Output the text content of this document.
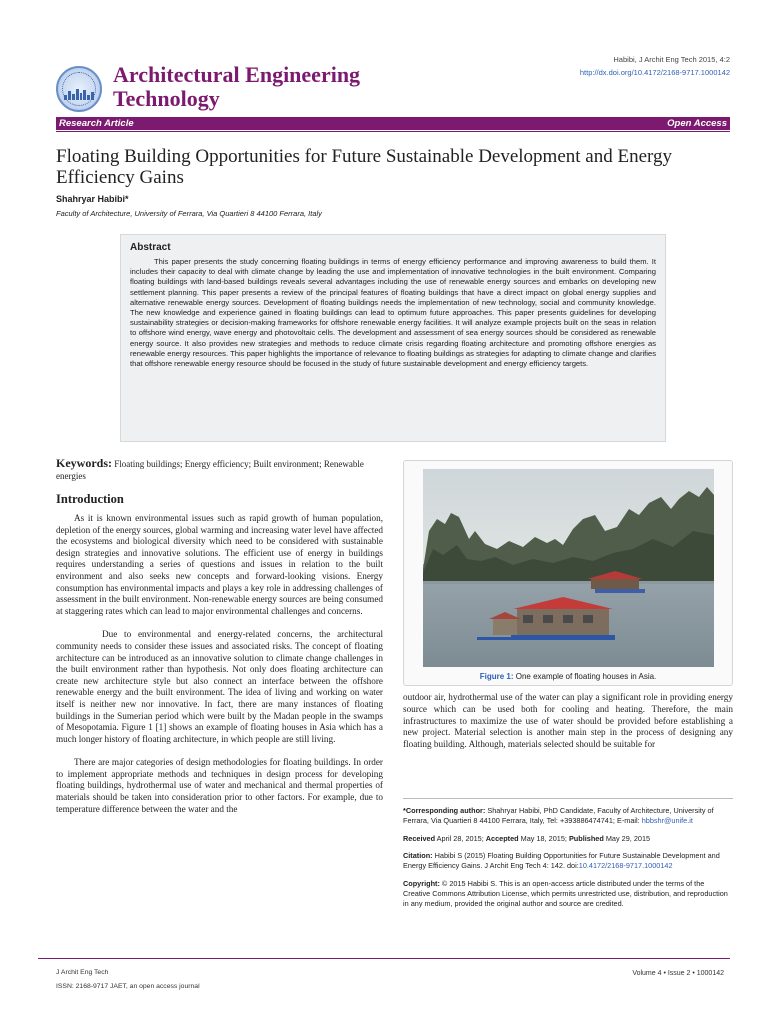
Architectural Engineering Technology
Habibi, J Archit Eng Tech 2015, 4:2
http://dx.doi.org/10.4172/2168-9717.1000142
Research Article	Open Access
Floating Building Opportunities for Future Sustainable Development and Energy Efficiency Gains
Shahryar Habibi*
Faculty of Architecture, University of Ferrara, Via Quartieri 8 44100 Ferrara, Italy
Abstract

This paper presents the study concerning floating buildings in terms of energy efficiency performance and improving awareness to build them. It includes their capacity to deal with climate change by leading the use and implementation of innovative technologies in the built environment. Comparing floating buildings with land-based buildings reveals several advantages including the use of renewable energy sources and embarks on developing new settlement planning. This paper presents a review of the principal features of floating buildings that have a direct impact on global energy supplies and alternative renewable energy sources. Development of floating buildings needs the implementation of new technology, social and community knowledge. The new knowledge and experience gained in floating buildings can lead to optimum future approaches. This paper presents guidelines for developing sustainability strategies or decision-making frameworks for offshore renewable energy facilities. It will analyze example projects built on the seas in relation to offshore wind energy, wave energy and photovoltaic cells. The development and assessment of sea energy sources should be considered as renewable energy source. It also provides new strategies and methods to reduce climate crisis regarding floating architecture and promoting offshore energies as renewable energy resources. This paper highlights the importance of relevance to floating buildings as strategies for adapting to climate change and clarifies that offshore renewable energy resource should be focused in the study of future sustainable development and energy efficiency targets.

Keywords: Floating buildings; Energy efficiency; Built environment; Renewable energies
Introduction

As it is known environmental issues such as rapid growth of human population, depletion of the energy sources, global warming and increasing water level have affected the ecosystems and biological diversity which need to be considered with sustainable design strategies and innovative solutions. The efficient use of energy in buildings requires understanding a series of questions and issues in relation to the built environment and also seeks new concepts and forward-looking visions. Energy consumption has environmental impacts and plays a key role in addressing challenges of assessment in the built environment. Non-renewable energy sources are being consumed at staggering rates which can lead to major environmental challenges and concerns.

Due to environmental and energy-related concerns, the architectural community needs to consider these issues and associated risks. The concept of floating architecture can be introduced as an innovative solution to climate change challenges in the built environment rather than hypothesis. Not only does floating architecture can create new architecture style but also connect an interface between the offshore renewable energy and the built environment. The idea of living and working on water itself is neither new nor innovative. In fact, there are many instances of floating buildings in the Sumerian period which were built by the Madan people in the swamps of Mesopotamia. Figure 1 [1] shows an example of floating houses in Asia which has a much longer history of floating architecture, in which people are still living.

There are major categories of design methodologies for floating buildings. In order to implement appropriate methods and techniques in design process for developing floating buildings, hydrothermal use of water and mechanical and thermal properties of materials should be taken into consideration prior to other factors. For example, due to temperature difference between the water and the

Figure 1: One example of floating houses in Asia.

outdoor air, hydrothermal use of the water can play a significant role in providing energy source which can be used both for cooling and heating. Therefore, the main infrastructures to maximize the use of water should be provided before establishing a new project. Material selection is another main step in the process of designing any floating building. Although, materials selected should be suitable for

*Corresponding author: Shahryar Habibi, PhD Candidate, Faculty of Architecture, University of Ferrara, Via Quartieri 8 44100 Ferrara, Italy, Tel: +393886474741; E-mail: hbbshr@unife.it
Received April 28, 2015; Accepted May 18, 2015; Published May 29, 2015
Citation: Habibi S (2015) Floating Building Opportunities for Future Sustainable Development and Energy Efficiency Gains. J Archit Eng Tech 4: 142. doi:10.4172/2168-9717.1000142
Copyright: © 2015 Habibi S. This is an open-access article distributed under the terms of the Creative Commons Attribution License, which permits unrestricted use, distribution, and reproduction in any medium, provided the original author and source are credited.
J Archit Eng Tech
ISSN: 2168-9717 JAET, an open access journal
Volume 4 • Issue 2 • 1000142
